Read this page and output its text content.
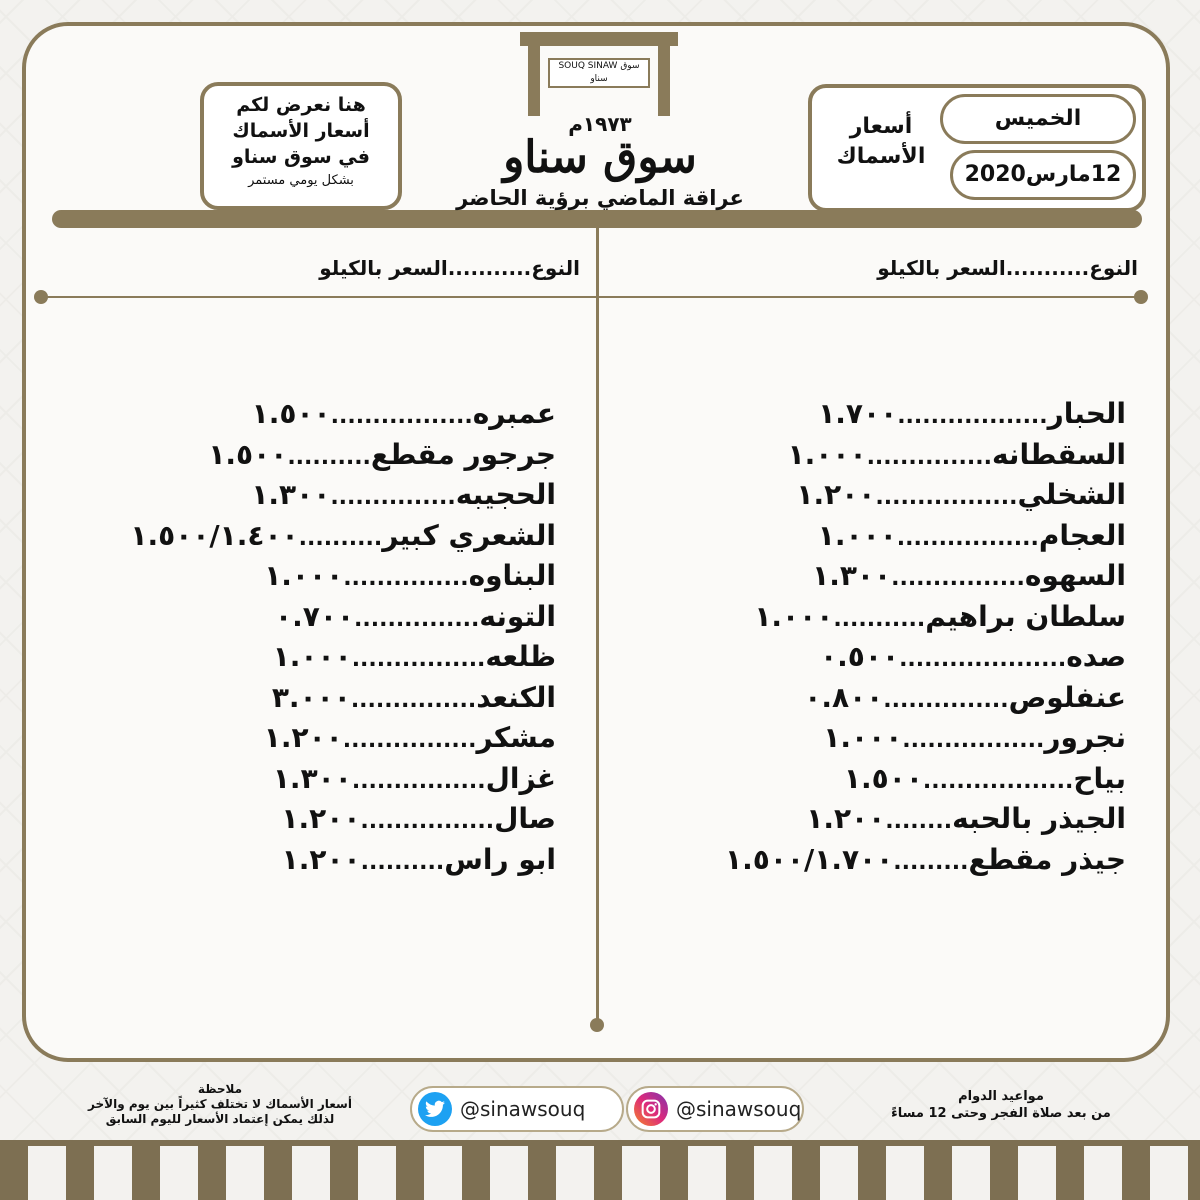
هنا نعرض لكم
أسعار الأسماك
في سوق سناو
بشكل يومي مستمر
SOUQ SINAW سوق سناو
١٩٧٣م
سوق سناو
عراقة الماضي برؤية الحاضر
أسعار الأسماك
الخميس
12مارس2020
النوع...........السعر بالكيلو
النوع...........السعر بالكيلو
الحبار..................١.٧٠٠
السقطانه...............١.٠٠٠
الشخلي.................١.٢٠٠
العجام.................١.٠٠٠
السهوه................١.٣٠٠
سلطان براهيم...........١.٠٠٠
صده....................٠.٥٠٠
عنفلوص...............٠.٨٠٠
نجرور.................١.٠٠٠
بياح..................١.٥٠٠
الجيذر بالحبه........١.٢٠٠
جيذر مقطع.........١.٥٠٠/١.٧٠٠
عمبره.................١.٥٠٠
جرجور مقطع..........١.٥٠٠
الحجيبه...............١.٣٠٠
الشعري كبير..........١.٥٠٠/١.٤٠٠
البناوه...............١.٠٠٠
التونه...............٠.٧٠٠
ظلعه................١.٠٠٠
الكنعد...............٣.٠٠٠
مشكر................١.٢٠٠
غزال................١.٣٠٠
صال................١.٢٠٠
ابو راس..........١.٢٠٠
ملاحظة
أسعار الأسماك لا تختلف كثيراً بين يوم والآخر
لذلك يمكن إعتماد الأسعار لليوم السابق	@sinawsouq	@sinawsouq
مواعيد الدوام
من بعد صلاة الفجر وحتى 12 مساءً
